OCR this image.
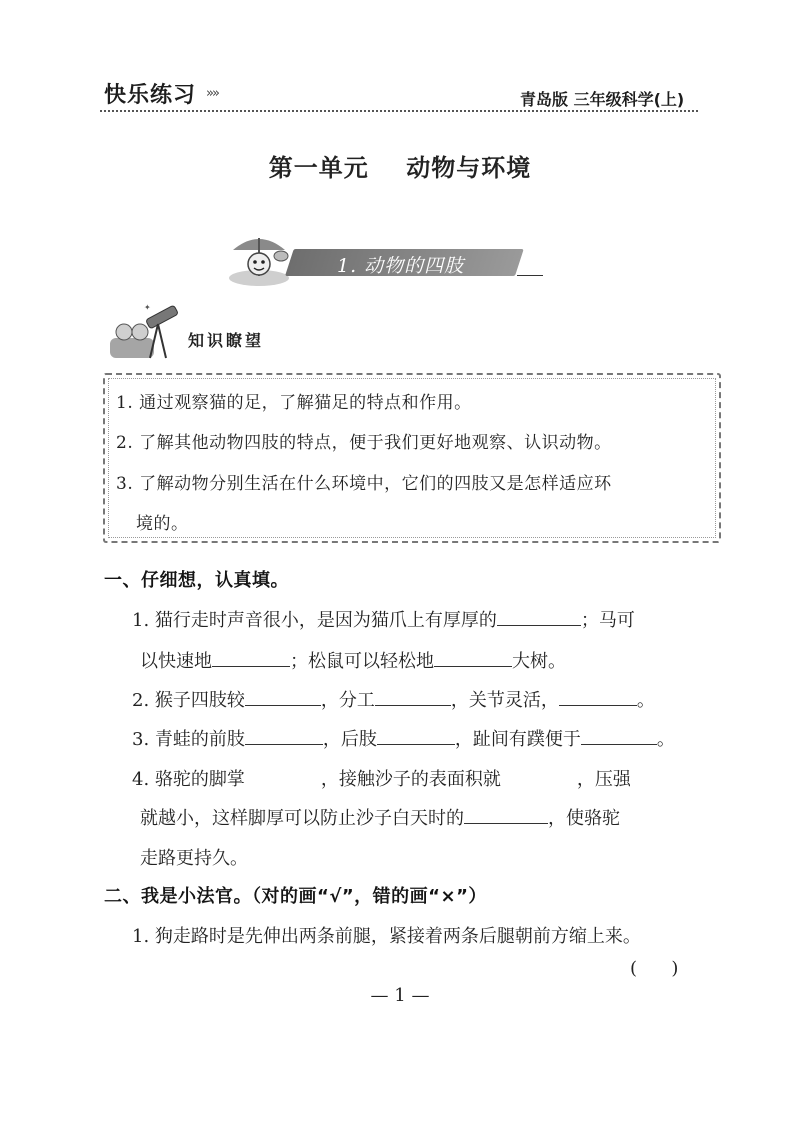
快乐练习 »»	青岛版 三年级科学(上)
第一单元    动物与环境
1. 动物的四肢
✦
知识瞭望
1. 通过观察猫的足，了解猫足的特点和作用。
2. 了解其他动物四肢的特点，便于我们更好地观察、认识动物。
3. 了解动物分别生活在什么环境中，它们的四肢又是怎样适应环
境的。
一、仔细想，认真填。
1. 猫行走时声音很小，是因为猫爪上有厚厚的	；马可
以快速地	；松鼠可以轻松地	大树。
2. 猴子四肢较	，分工	，关节灵活，	。
3. 青蛙的前肢	，后肢	，趾间有蹼便于	。
4. 骆驼的脚掌	，接触沙子的表面积就	，压强
就越小，这样脚厚可以防止沙子白天时的	，使骆驼
走路更持久。
二、我是小法官。（对的画“√”，错的画“×”）
1. 狗走路时是先伸出两条前腿，紧接着两条后腿朝前方缩上来。
(      )
— 1 —
